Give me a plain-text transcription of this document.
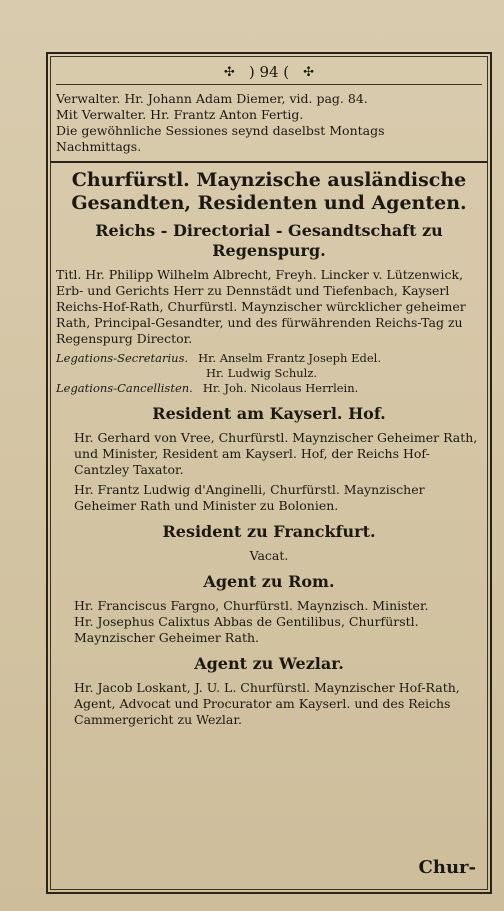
✣ ) 94 ( ✣

Verwalter. Hr. Johann Adam Diemer, vid. pag. 84.

Mit Verwalter. Hr. Frantz Anton Fertig.

Die gewöhnliche Sessiones seynd daselbst Montags

Nachmittags.

Churfürstl. Maynzische ausländische Gesandten, Residenten und Agenten.
Reichs - Directorial - Gesandtschaft zu Regenspurg.

Titl. Hr. Philipp Wilhelm Albrecht, Freyh. Lincker v. Lützenwick, Erb- und Gerichts Herr zu Dennstädt und Tiefenbach, Kayserl Reichs-Hof-Rath, Churfürstl. Maynzischer würcklicher geheimer Rath, Principal-Gesandter, und des fürwährenden Reichs-Tag zu Regenspurg Director.

Legations-Secretarius. Hr. Anselm Frantz Joseph Edel.
Hr. Ludwig Schulz.
Legations-Cancellisten. Hr. Joh. Nicolaus Herrlein.
Resident am Kayserl. Hof.

Hr. Gerhard von Vree, Churfürstl. Maynzischer Geheimer Rath, und Minister, Resident am Kayserl. Hof, der Reichs Hof-Cantzley Taxator.

Hr. Frantz Ludwig d'Anginelli, Churfürstl. Maynzischer Geheimer Rath und Minister zu Bolonien.

Resident zu Franckfurt.
Vacat.
Agent zu Rom.

Hr. Franciscus Fargno, Churfürstl. Maynzisch. Minister.

Hr. Josephus Calixtus Abbas de Gentilibus, Churfürstl. Maynzischer Geheimer Rath.

Agent zu Wezlar.

Hr. Jacob Loskant, J. U. L. Churfürstl. Maynzischer Hof-Rath, Agent, Advocat und Procurator am Kayserl. und des Reichs Cammergericht zu Wezlar.

Chur-
